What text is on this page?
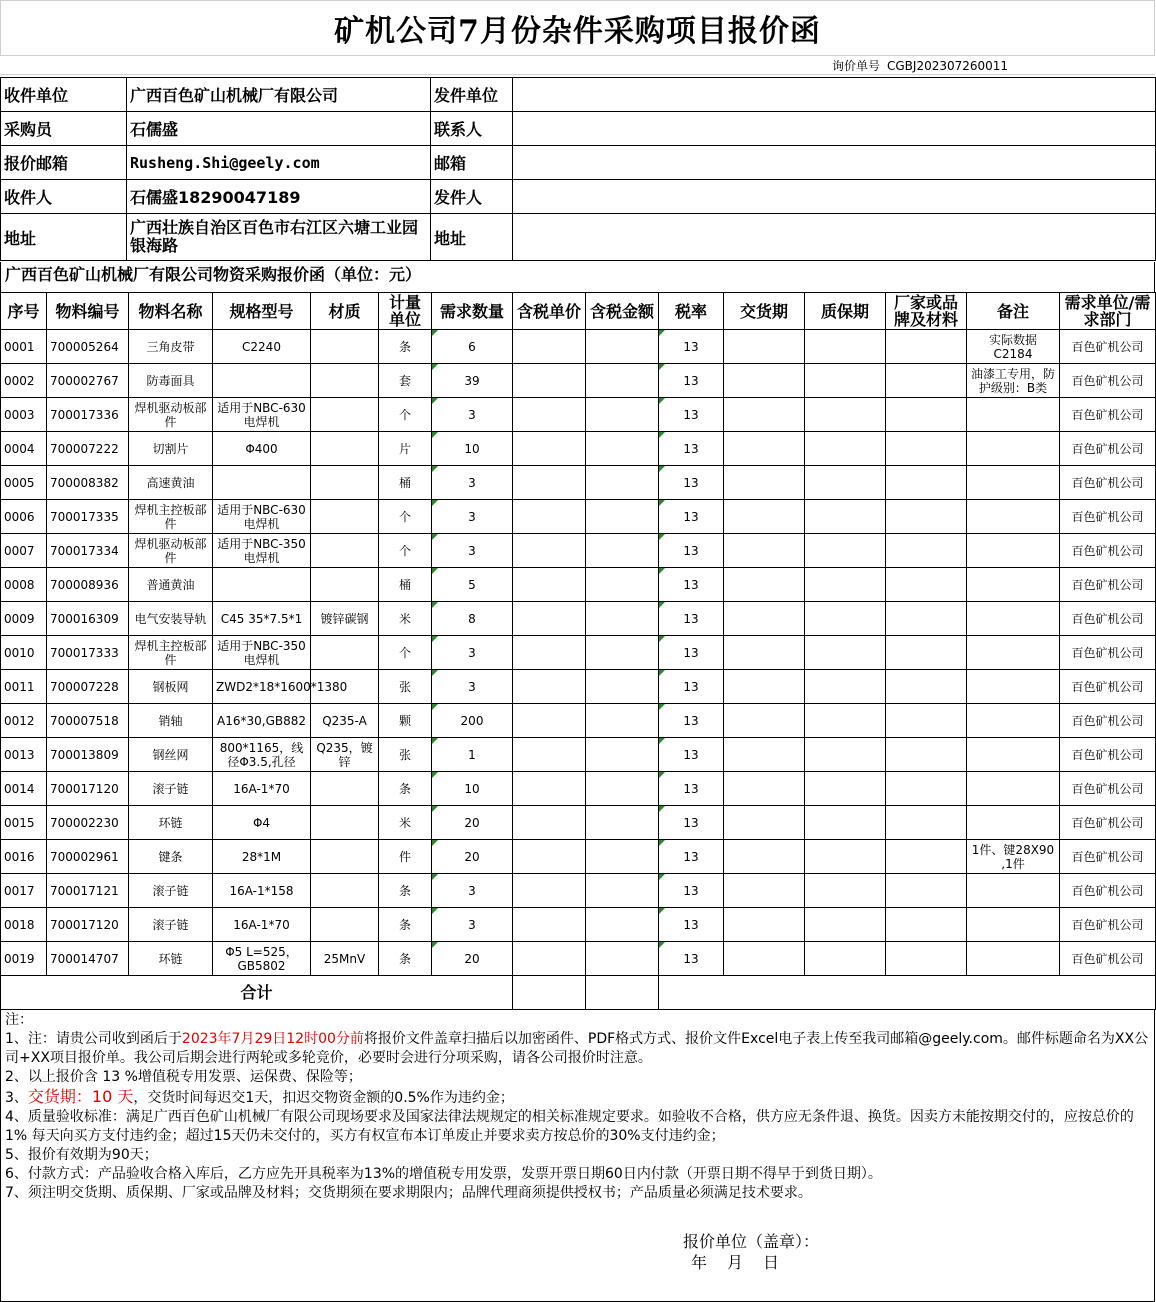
矿机公司7月份杂件采购项目报价函
询价单号 CGBJ202307260011
收件单位	广西百色矿山机械厂有限公司	发件单位	
采购员	石儒盛	联系人	
报价邮箱	Rusheng.Shi@geely.com	邮箱	
收件人	石儒盛18290047189	发件人	
地址	广西壮族自治区百色市右江区六塘工业园银海路	地址	
广西百色矿山机械厂有限公司物资采购报价函（单位：元）
序号	物料编号	物料名称	规格型号	材质	计量单位	需求数量	含税单价	含税金额	税率	交货期	质保期	厂家或品牌及材料	备注	需求单位/需求部门
0001	700005264	三角皮带	C2240		条	6			13				实际数据C2184	百色矿机公司
0002	700002767	防毒面具			套	39			13				油漆工专用，防护级别：B类	百色矿机公司
0003	700017336	焊机驱动板部件	适用于NBC-630电焊机		个	3			13					百色矿机公司
0004	700007222	切割片	Φ400		片	10			13					百色矿机公司
0005	700008382	高速黄油			桶	3			13					百色矿机公司
0006	700017335	焊机主控板部件	适用于NBC-630电焊机		个	3			13					百色矿机公司
0007	700017334	焊机驱动板部件	适用于NBC-350电焊机		个	3			13					百色矿机公司
0008	700008936	普通黄油			桶	5			13					百色矿机公司
0009	700016309	电气安装导轨	C45 35*7.5*1	镀锌碳钢	米	8			13					百色矿机公司
0010	700017333	焊机主控板部件	适用于NBC-350电焊机		个	3			13					百色矿机公司
0011	700007228	钢板网	ZWD2*18*1600*1380		张	3			13					百色矿机公司
0012	700007518	销轴	A16*30,GB882	Q235-A	颗	200			13					百色矿机公司
0013	700013809	钢丝网	800*1165，线径Φ3.5,孔径	Q235，镀锌	张	1			13					百色矿机公司
0014	700017120	滚子链	16A-1*70		条	10			13					百色矿机公司
0015	700002230	环链	Φ4		米	20			13					百色矿机公司
0016	700002961	键条	28*1M		件	20			13				1件、键28X90 ,1件	百色矿机公司
0017	700017121	滚子链	16A-1*158		条	3			13					百色矿机公司
0018	700017120	滚子链	16A-1*70		条	3			13					百色矿机公司
0019	700014707	环链	Φ5 L=525，GB5802	25MnV	条	20			13					百色矿机公司
合计														

注：

1、注：请贵公司收到函后于2023年7月29日12时00分前将报价文件盖章扫描后以加密函件、PDF格式方式、报价文件Excel电子表上传至我司邮箱@geely.com。邮件标题命名为XX公司+XX项目报价单。我公司后期会进行两轮或多轮竞价，必要时会进行分项采购，请各公司报价时注意。

2、以上报价含 13 %增值税专用发票、运保费、保险等；

3、交货期：10 天，交货时间每迟交1天，扣迟交物资金额的0.5%作为违约金；

4、质量验收标准：满足广西百色矿山机械厂有限公司现场要求及国家法律法规规定的相关标准规定要求。如验收不合格，供方应无条件退、换货。因卖方未能按期交付的，应按总价的1% 每天向买方支付违约金；超过15天仍未交付的，买方有权宣布本订单废止并要求卖方按总价的30%支付违约金；

5、报价有效期为90天；

6、付款方式：产品验收合格入库后，乙方应先开具税率为13%的增值税专用发票，发票开票日期60日内付款（开票日期不得早于到货日期）。

7、须注明交货期、质保期、厂家或品牌及材料；交货期须在要求期限内；品牌代理商须提供授权书；产品质量必须满足技术要求。

报价单位（盖章）：
年　月　日
